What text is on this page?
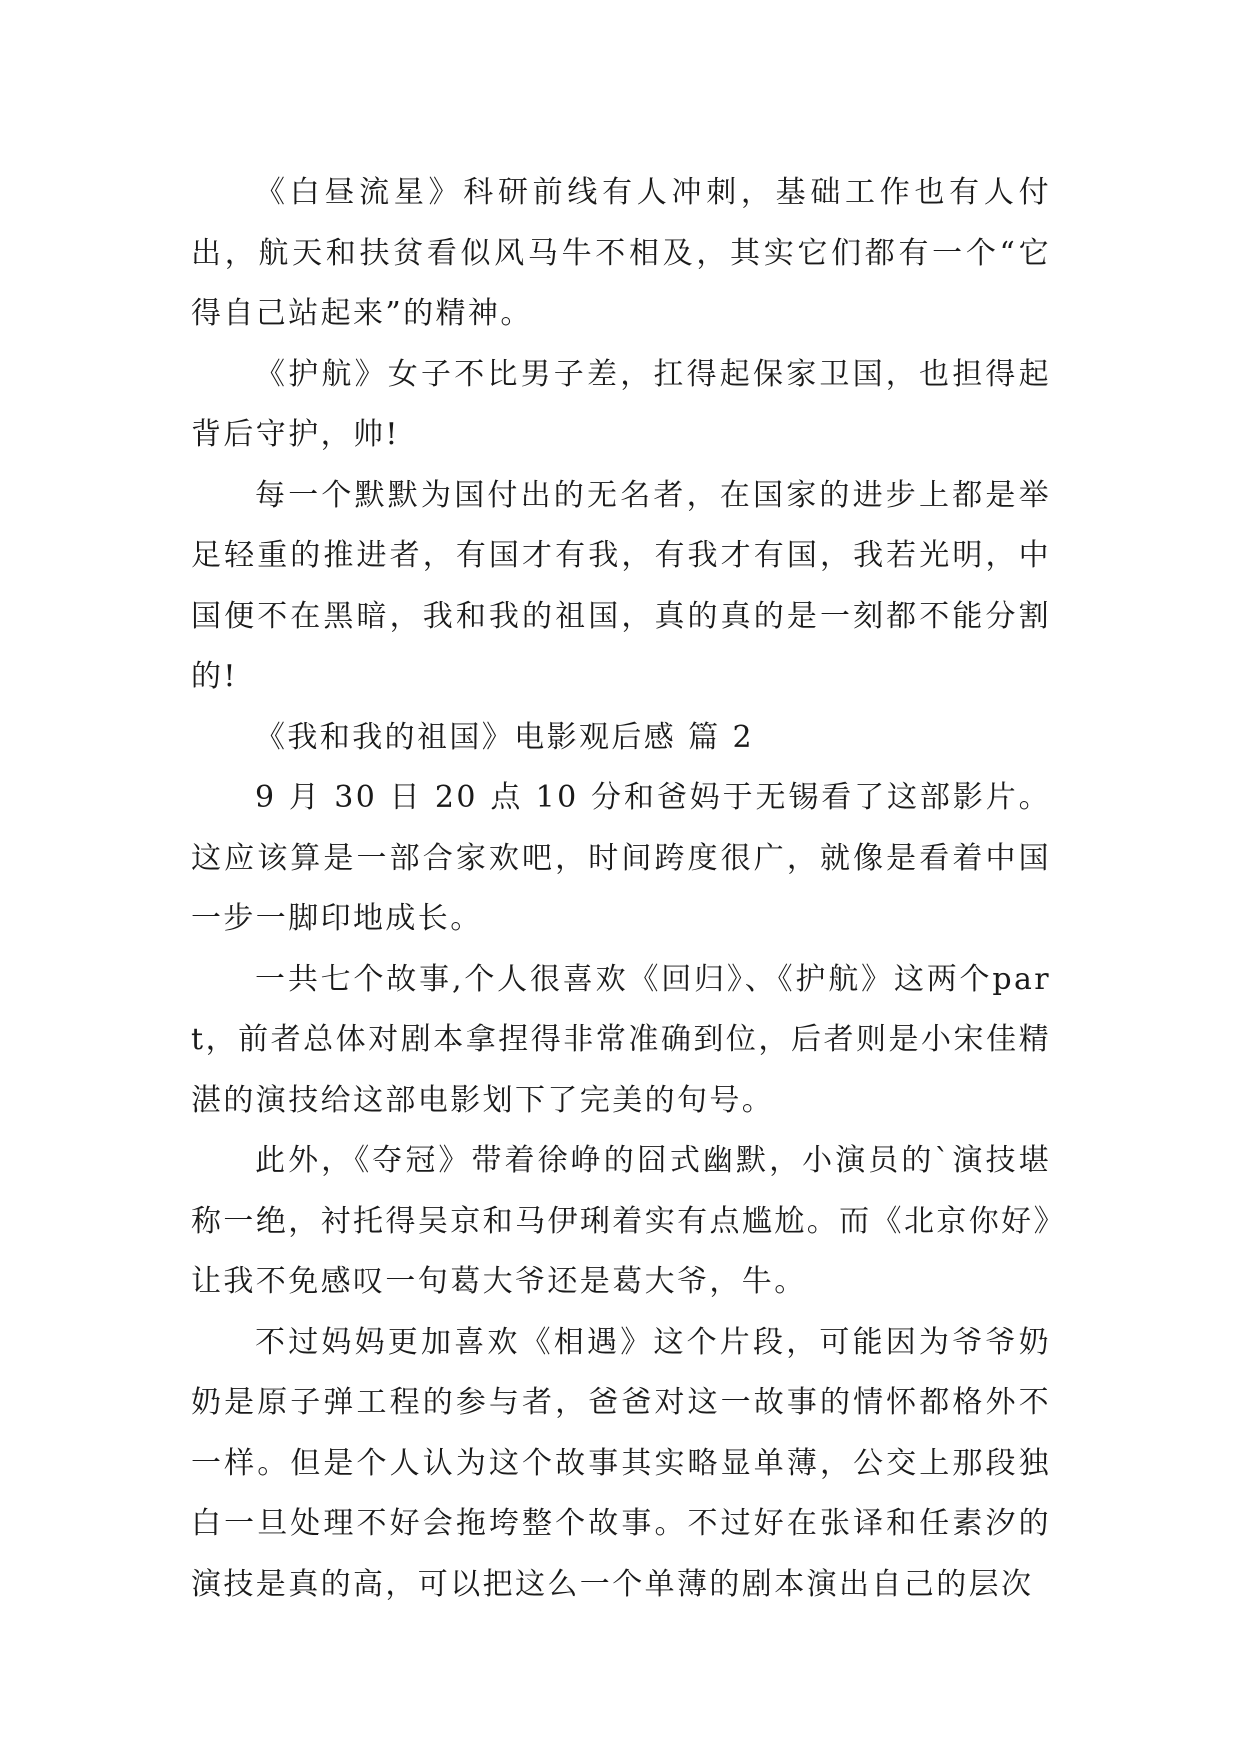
《白昼流星》科研前线有人冲刺，基础工作也有人付出，航天和扶贫看似风马牛不相及，其实它们都有一个“它得自己站起来”的精神。

《护航》女子不比男子差，扛得起保家卫国，也担得起背后守护，帅!

每一个默默为国付出的无名者，在国家的进步上都是举足轻重的推进者，有国才有我，有我才有国，我若光明，中国便不在黑暗，我和我的祖国，真的真的是一刻都不能分割的!

《我和我的祖国》电影观后感 篇 2

9 月 30 日 20 点 10 分和爸妈于无锡看了这部影片。这应该算是一部合家欢吧，时间跨度很广，就像是看着中国一步一脚印地成长。

一共七个故事,个人很喜欢《回归》、《护航》这两个part，前者总体对剧本拿捏得非常准确到位，后者则是小宋佳精湛的演技给这部电影划下了完美的句号。

此外，《夺冠》带着徐峥的囧式幽默，小演员的`演技堪称一绝，衬托得吴京和马伊琍着实有点尴尬。而《北京你好》让我不免感叹一句葛大爷还是葛大爷，牛。

不过妈妈更加喜欢《相遇》这个片段，可能因为爷爷奶奶是原子弹工程的参与者，爸爸对这一故事的情怀都格外不一样。但是个人认为这个故事其实略显单薄，公交上那段独白一旦处理不好会拖垮整个故事。不过好在张译和任素汐的演技是真的高，可以把这么一个单薄的剧本演出自己的层次
